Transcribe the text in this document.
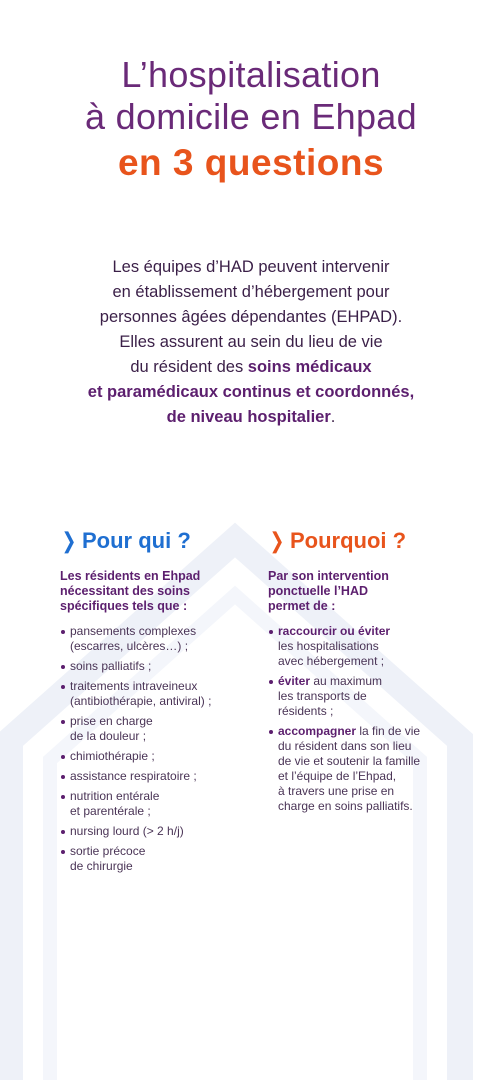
L’hospitalisation
à domicile en Ehpad
en 3 questions
Les équipes d’HAD peuvent intervenir
en établissement d’hébergement pour
personnes âgées dépendantes (EHPAD).
Elles assurent au sein du lieu de vie
du résident des soins médicaux
et paramédicaux continus et coordonnés,
de niveau hospitalier.
❯ Pour qui ?
Les résidents en Ehpad
nécessitant des soins
spécifiques tels que :
pansements complexes
(escarres, ulcères…) ;
soins palliatifs ;
traitements intraveineux
(antibiothérapie, antiviral) ;
prise en charge
de la douleur ;
chimiothérapie ;
assistance respiratoire ;
nutrition entérale
et parentérale ;
nursing lourd (> 2 h/j)
sortie précoce
de chirurgie
❯ Pourquoi ?
Par son intervention
ponctuelle l’HAD
permet de :
raccourcir ou éviter
les hospitalisations
avec hébergement ;
éviter au maximum
les transports de
résidents ;
accompagner la fin de vie
du résident dans son lieu
de vie et soutenir la famille
et l’équipe de l’Ehpad,
à travers une prise en
charge en soins palliatifs.
